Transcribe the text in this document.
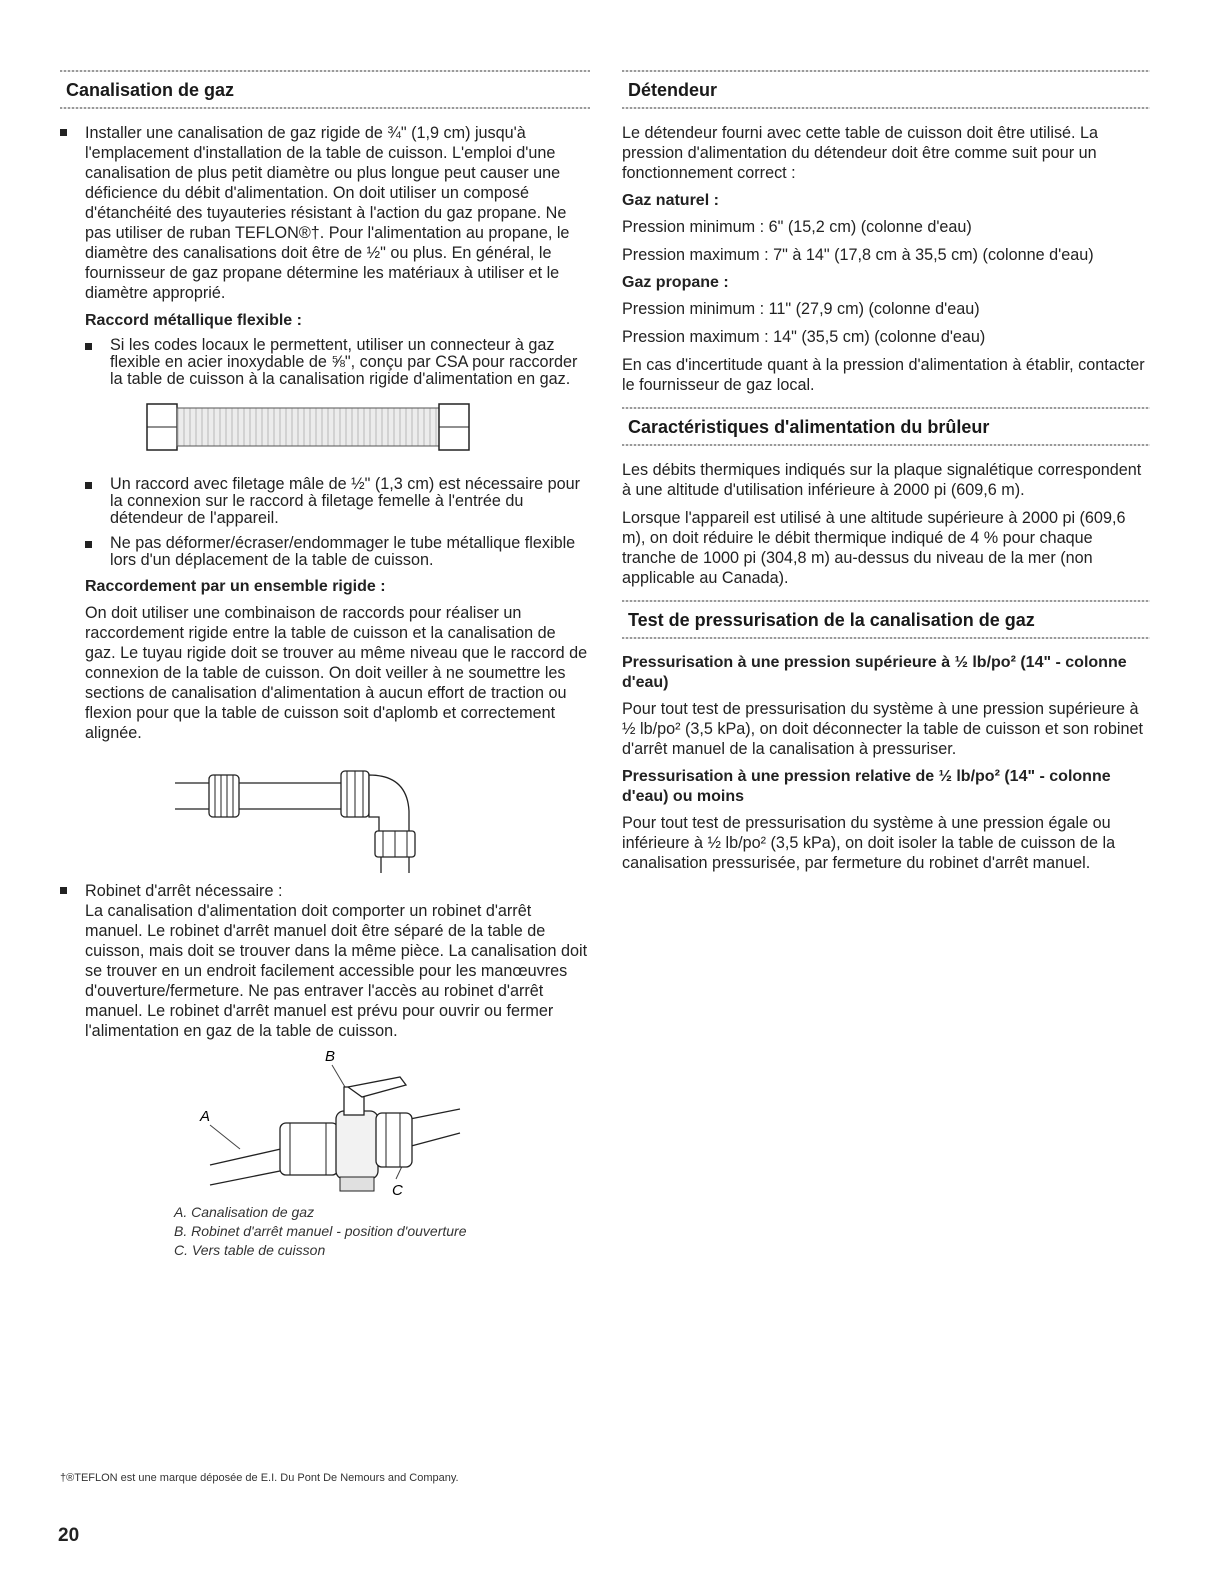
Canalisation de gaz
Installer une canalisation de gaz rigide de ¾" (1,9 cm) jusqu'à l'emplacement d'installation de la table de cuisson. L'emploi d'une canalisation de plus petit diamètre ou plus longue peut causer une déficience du débit d'alimentation. On doit utiliser un composé d'étanchéité des tuyauteries résistant à l'action du gaz propane. Ne pas utiliser de ruban TEFLON®†. Pour l'alimentation au propane, le diamètre des canalisations doit être de ½" ou plus. En général, le fournisseur de gaz propane détermine les matériaux à utiliser et le diamètre approprié.
Raccord métallique flexible :
Si les codes locaux le permettent, utiliser un connecteur à gaz flexible en acier inoxydable de ⅝", conçu par CSA pour raccorder la table de cuisson à la canalisation rigide d'alimentation en gaz.
Un raccord avec filetage mâle de ½" (1,3 cm) est nécessaire pour la connexion sur le raccord à filetage femelle à l'entrée du détendeur de l'appareil.
Ne pas déformer/écraser/endommager le tube métallique flexible lors d'un déplacement de la table de cuisson.
Raccordement par un ensemble rigide :

On doit utiliser une combinaison de raccords pour réaliser un raccordement rigide entre la table de cuisson et la canalisation de gaz. Le tuyau rigide doit se trouver au même niveau que le raccord de connexion de la table de cuisson. On doit veiller à ne soumettre les sections de canalisation d'alimentation à aucun effort de traction ou flexion pour que la table de cuisson soit d'aplomb et correctement alignée.

Robinet d'arrêt nécessaire :
La canalisation d'alimentation doit comporter un robinet d'arrêt manuel. Le robinet d'arrêt manuel doit être séparé de la table de cuisson, mais doit se trouver dans la même pièce. La canalisation doit se trouver en un endroit facilement accessible pour les manœuvres d'ouverture/fermeture. Ne pas entraver l'accès au robinet d'arrêt manuel. Le robinet d'arrêt manuel est prévu pour ouvrir ou fermer l'alimentation en gaz de la table de cuisson.
B
A
C
A. Canalisation de gaz
B. Robinet d'arrêt manuel - position d'ouverture
C. Vers table de cuisson
Détendeur

Le détendeur fourni avec cette table de cuisson doit être utilisé. La pression d'alimentation du détendeur doit être comme suit pour un fonctionnement correct :

Gaz naturel :

Pression minimum : 6" (15,2 cm) (colonne d'eau)

Pression maximum : 7" à 14" (17,8 cm à 35,5 cm) (colonne d'eau)

Gaz propane :

Pression minimum : 11" (27,9 cm) (colonne d'eau)

Pression maximum : 14" (35,5 cm) (colonne d'eau)

En cas d'incertitude quant à la pression d'alimentation à établir, contacter le fournisseur de gaz local.

Caractéristiques d'alimentation du brûleur

Les débits thermiques indiqués sur la plaque signalétique correspondent à une altitude d'utilisation inférieure à 2000 pi (609,6 m).

Lorsque l'appareil est utilisé à une altitude supérieure à 2000 pi (609,6 m), on doit réduire le débit thermique indiqué de 4 % pour chaque tranche de 1000 pi (304,8 m) au-dessus du niveau de la mer (non applicable au Canada).

Test de pressurisation de la canalisation de gaz
Pressurisation à une pression supérieure à ½ lb/po² (14" - colonne d'eau)

Pour tout test de pressurisation du système à une pression supérieure à ½ lb/po² (3,5 kPa), on doit déconnecter la table de cuisson et son robinet d'arrêt manuel de la canalisation à pressuriser.

Pressurisation à une pression relative de ½ lb/po² (14" - colonne d'eau) ou moins

Pour tout test de pressurisation du système à une pression égale ou inférieure à ½ lb/po² (3,5 kPa), on doit isoler la table de cuisson de la canalisation pressurisée, par fermeture du robinet d'arrêt manuel.

†®TEFLON est une marque déposée de E.I. Du Pont De Nemours and Company.
20
